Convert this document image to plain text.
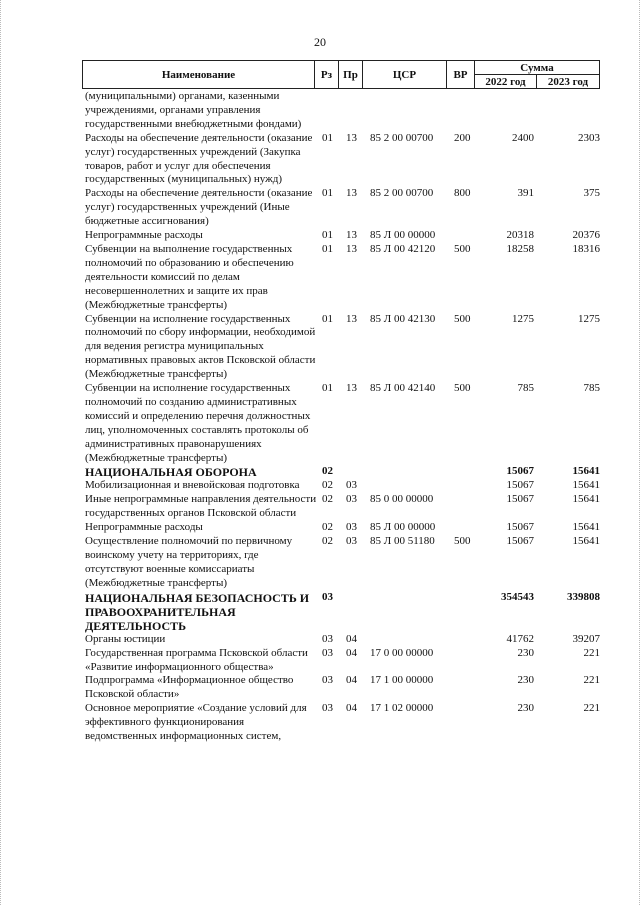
20
Наименование	Рз	Пр	ЦСР	ВР	Сумма	
					2022 год	2023 год
(муниципальными) органами, казенными учреждениями, органами управления государственными внебюджетными фондами)						
Расходы на обеспечение деятельности (оказание услуг) государственных учреждений (Закупка товаров, работ и услуг для обеспечения государственных (муниципальных) нужд)	01	13	85 2 00 00700	200	2400	2303
Расходы на обеспечение деятельности (оказание услуг) государственных учреждений (Иные бюджетные ассигнования)	01	13	85 2 00 00700	800	391	375
Непрограммные расходы	01	13	85 Л 00 00000		20318	20376
Субвенции на выполнение государственных полномочий по образованию и обеспечению деятельности комиссий по делам несовершеннолетних и защите их прав (Межбюджетные трансферты)	01	13	85 Л 00 42120	500	18258	18316
Субвенции на исполнение государственных полномочий по сбору информации, необходимой для ведения регистра муниципальных нормативных правовых актов Псковской области (Межбюджетные трансферты)	01	13	85 Л 00 42130	500	1275	1275
Субвенции на исполнение государственных полномочий по созданию административных комиссий и определению перечня должностных лиц, уполномоченных составлять протоколы об административных правонарушениях (Межбюджетные трансферты)	01	13	85 Л 00 42140	500	785	785
НАЦИОНАЛЬНАЯ ОБОРОНА	02				15067	15641
Мобилизационная и вневойсковая подготовка	02	03			15067	15641
Иные непрограммные направления деятельности государственных органов Псковской области	02	03	85 0 00 00000		15067	15641
Непрограммные расходы	02	03	85 Л 00 00000		15067	15641
Осуществление полномочий по первичному воинскому учету на территориях, где отсутствуют военные комиссариаты (Межбюджетные трансферты)	02	03	85 Л 00 51180	500	15067	15641
НАЦИОНАЛЬНАЯ БЕЗОПАСНОСТЬ И ПРАВООХРАНИТЕЛЬНАЯ ДЕЯТЕЛЬНОСТЬ	03				354543	339808
Органы юстиции	03	04			41762	39207
Государственная программа Псковской области «Развитие информационного общества»	03	04	17 0 00 00000		230	221
Подпрограмма «Информационное общество Псковской области»	03	04	17 1 00 00000		230	221
Основное мероприятие «Создание условий для эффективного функционирования ведомственных информационных систем,	03	04	17 1 02 00000		230	221
